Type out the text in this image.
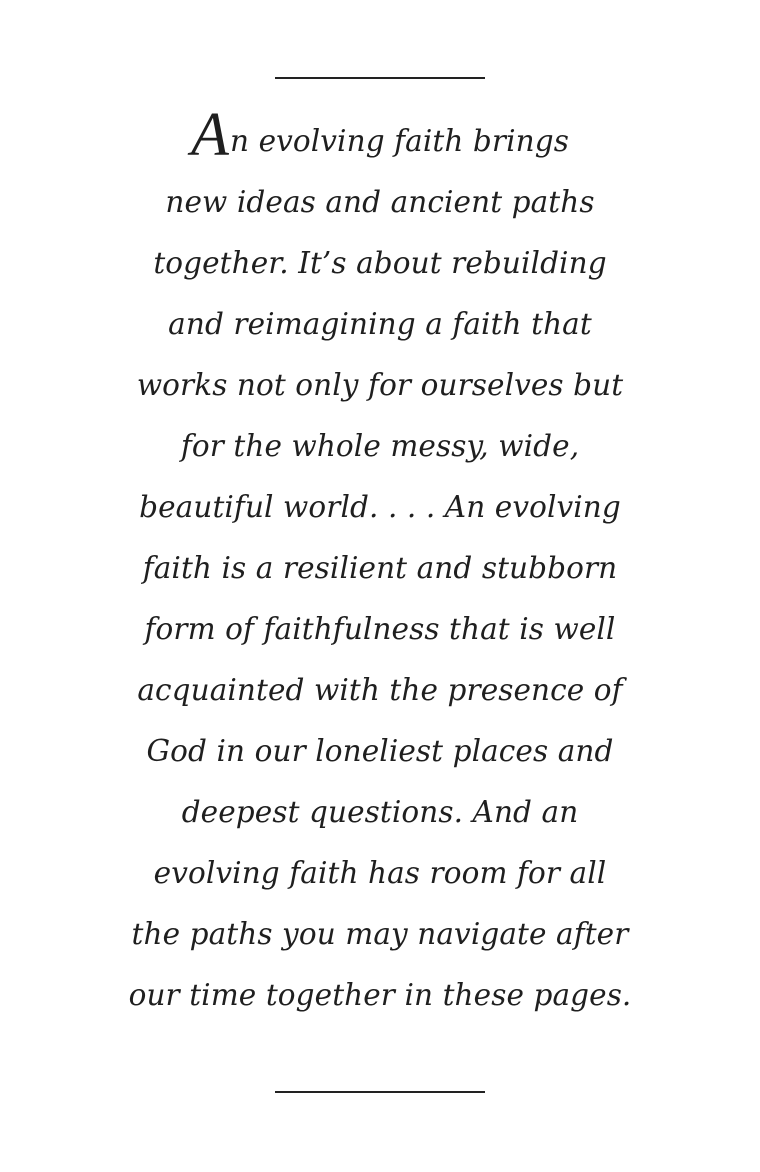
An evolving faith brings
new ideas and ancient paths
together. It’s about rebuilding
and reimagining a faith that
works not only for ourselves but
for the whole messy, wide,
beautiful world. . . . An evolving
faith is a resilient and stubborn
form of faithfulness that is well
acquainted with the presence of
God in our loneliest places and
deepest questions. And an
evolving faith has room for all
the paths you may navigate after
our time together in these pages.
